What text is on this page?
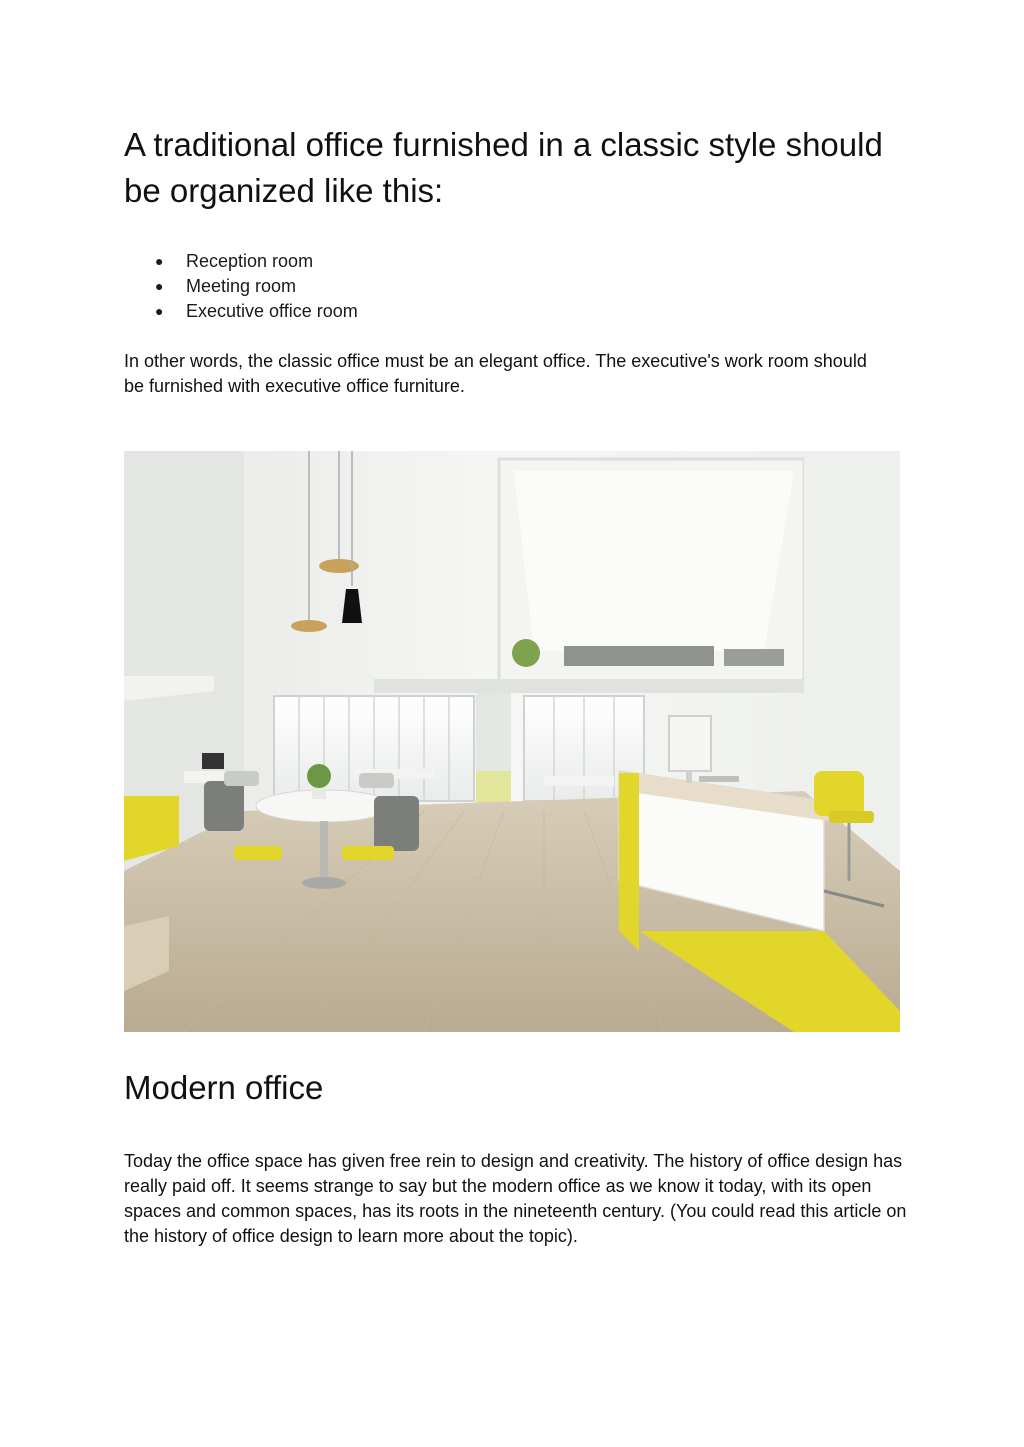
A traditional office furnished in a classic style should be organized like this:
● Reception room
● Meeting room
● Executive office room

In other words, the classic office must be an elegant office. The executive's work room should be furnished with executive office furniture.

Modern office

Today the office space has given free rein to design and creativity. The history of office design has really paid off. It seems strange to say but the modern office as we know it today, with its open spaces and common spaces, has its roots in the nineteenth century. (You could read this article on the history of office design to learn more about the topic).
